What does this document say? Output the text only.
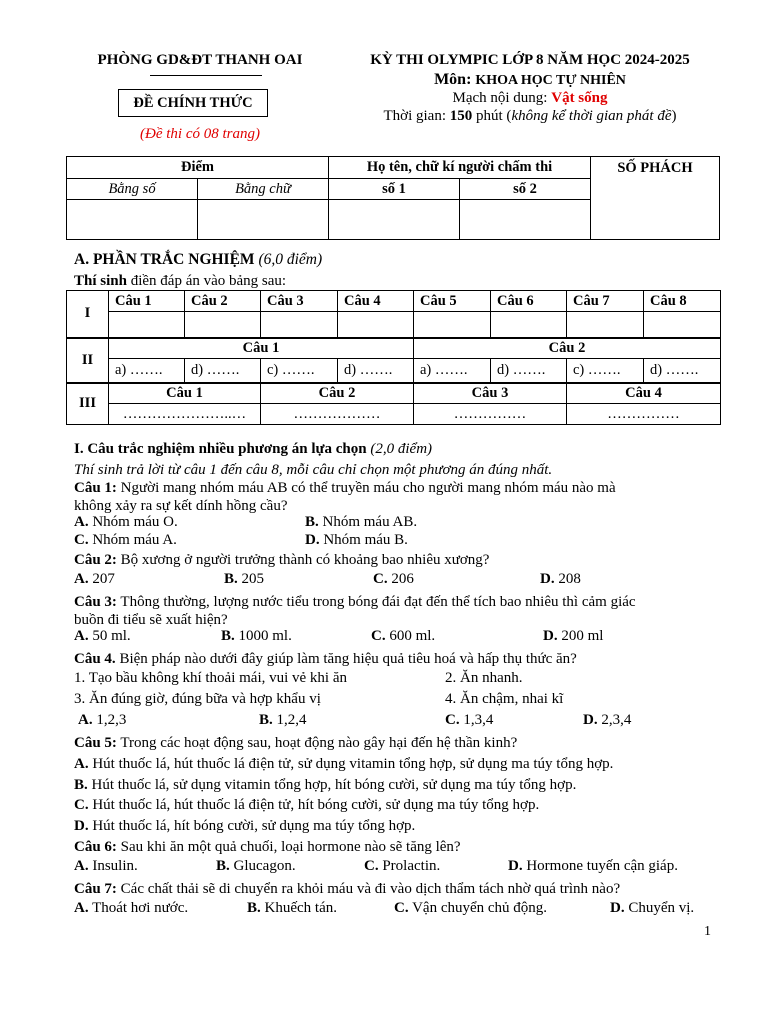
PHÒNG GD&ĐT THANH OAI
ĐỀ CHÍNH THỨC
(Đề thi có 08 trang)
KỲ THI OLYMPIC LỚP 8 NĂM HỌC 2024-2025
Môn: KHOA HỌC TỰ NHIÊN
Mạch nội dung: Vật sống
Thời gian: 150 phút (không kể thời gian phát đề)
Điểm		Họ tên, chữ kí người chấm thi		SỐ PHÁCH
Bằng số	Bằng chữ	số 1	số 2	

A. PHẦN TRẮC NGHIỆM (6,0 điểm)
Thí sinh điền đáp án vào bảng sau:
I	Câu 1	Câu 2	Câu 3	Câu 4	Câu 5	Câu 6	Câu 7	Câu 8

II	Câu 1				Câu 2			
	a) …….	d) …….	c) …….	d) …….	a) …….	d) …….	c) …….	d) …….
III	Câu 1		Câu 2		Câu 3		Câu 4	
	…………………..…		………………		……………		……………	
I. Câu trắc nghiệm nhiều phương án lựa chọn (2,0 điểm)
Thí sinh trả lời từ câu 1 đến câu 8, mỗi câu chỉ chọn một phương án đúng nhất.
Câu 1: Người mang nhóm máu AB có thể truyền máu cho người mang nhóm máu nào mà
không xảy ra sự kết dính hồng cầu?
A. Nhóm máu O.	B. Nhóm máu AB.
C. Nhóm máu A.	D. Nhóm máu B.
Câu 2: Bộ xương ở người trưởng thành có khoảng bao nhiêu xương?
A. 207	B. 205	C. 206	D. 208
Câu 3: Thông thường, lượng nước tiểu trong bóng đái đạt đến thể tích bao nhiêu thì cảm giác
buồn đi tiểu sẽ xuất hiện?
A. 50 ml.	B. 1000 ml.	C. 600 ml.	D. 200 ml
Câu 4. Biện pháp nào dưới đây giúp làm tăng hiệu quả tiêu hoá và hấp thụ thức ăn?
1. Tạo bầu không khí thoải mái, vui vẻ khi ăn	2. Ăn nhanh.
3. Ăn đúng giờ, đúng bữa và hợp khẩu vị	4. Ăn chậm, nhai kĩ
A. 1,2,3	B. 1,2,4	C. 1,3,4	D. 2,3,4
Câu 5: Trong các hoạt động sau, hoạt động nào gây hại đến hệ thần kinh?
A. Hút thuốc lá, hút thuốc lá điện tử, sử dụng vitamin tổng hợp, sử dụng ma túy tổng hợp.
B. Hút thuốc lá, sử dụng vitamin tổng hợp, hít bóng cười, sử dụng ma túy tổng hợp.
C. Hút thuốc lá, hút thuốc lá điện tử, hít bóng cười, sử dụng ma túy tổng hợp.
D. Hút thuốc lá, hít bóng cười, sử dụng ma túy tổng hợp.
Câu 6: Sau khi ăn một quả chuối, loại hormone nào sẽ tăng lên?
A. Insulin.	B. Glucagon.	C. Prolactin.	D. Hormone tuyến cận giáp.
Câu 7: Các chất thải sẽ di chuyển ra khỏi máu và đi vào dịch thẩm tách nhờ quá trình nào?
A. Thoát hơi nước.	B. Khuếch tán.	C. Vận chuyển chủ động.	D. Chuyển vị.
1
